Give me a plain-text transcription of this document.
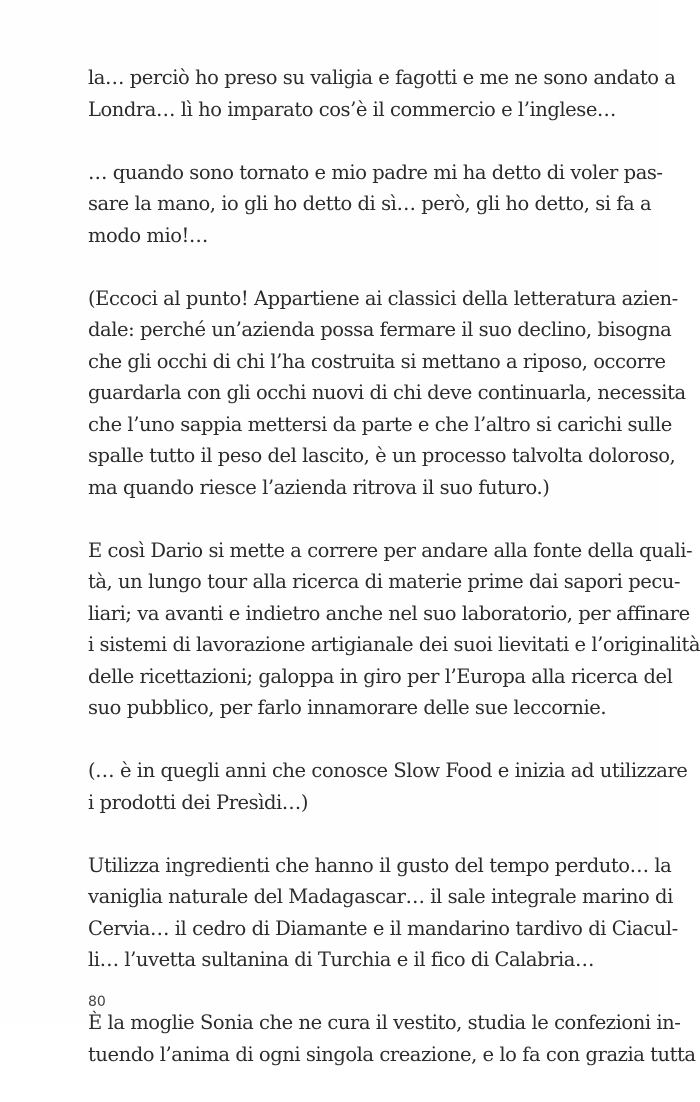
la… perciò ho preso su valigia e fagotti e me ne sono andato a
Londra… lì ho imparato cos’è il commercio e l’inglese…

… quando sono tornato e mio padre mi ha detto di voler pas-
sare la mano, io gli ho detto di sì… però, gli ho detto, si fa a
modo mio!…

(Eccoci al punto! Appartiene ai classici della letteratura azien-
dale: perché un’azienda possa fermare il suo declino, bisogna
che gli occhi di chi l’ha costruita si mettano a riposo, occorre
guardarla con gli occhi nuovi di chi deve continuarla, necessita
che l’uno sappia mettersi da parte e che l’altro si carichi sulle
spalle tutto il peso del lascito, è un processo talvolta doloroso,
ma quando riesce l’azienda ritrova il suo futuro.)

E così Dario si mette a correre per andare alla fonte della quali-
tà, un lungo tour alla ricerca di materie prime dai sapori pecu-
liari; va avanti e indietro anche nel suo laboratorio, per affinare
i sistemi di lavorazione artigianale dei suoi lievitati e l’originalità
delle ricettazioni; galoppa in giro per l’Europa alla ricerca del
suo pubblico, per farlo innamorare delle sue leccornie.

(… è in quegli anni che conosce Slow Food e inizia ad utilizzare
i prodotti dei Presìdi…)

Utilizza ingredienti che hanno il gusto del tempo perduto… la
vaniglia naturale del Madagascar… il sale integrale marino di
Cervia… il cedro di Diamante e il mandarino tardivo di Ciacul-
li… l’uvetta sultanina di Turchia e il fico di Calabria…

È la moglie Sonia che ne cura il vestito, studia le confezioni in-
tuendo l’anima di ogni singola creazione, e lo fa con grazia tutta

80
